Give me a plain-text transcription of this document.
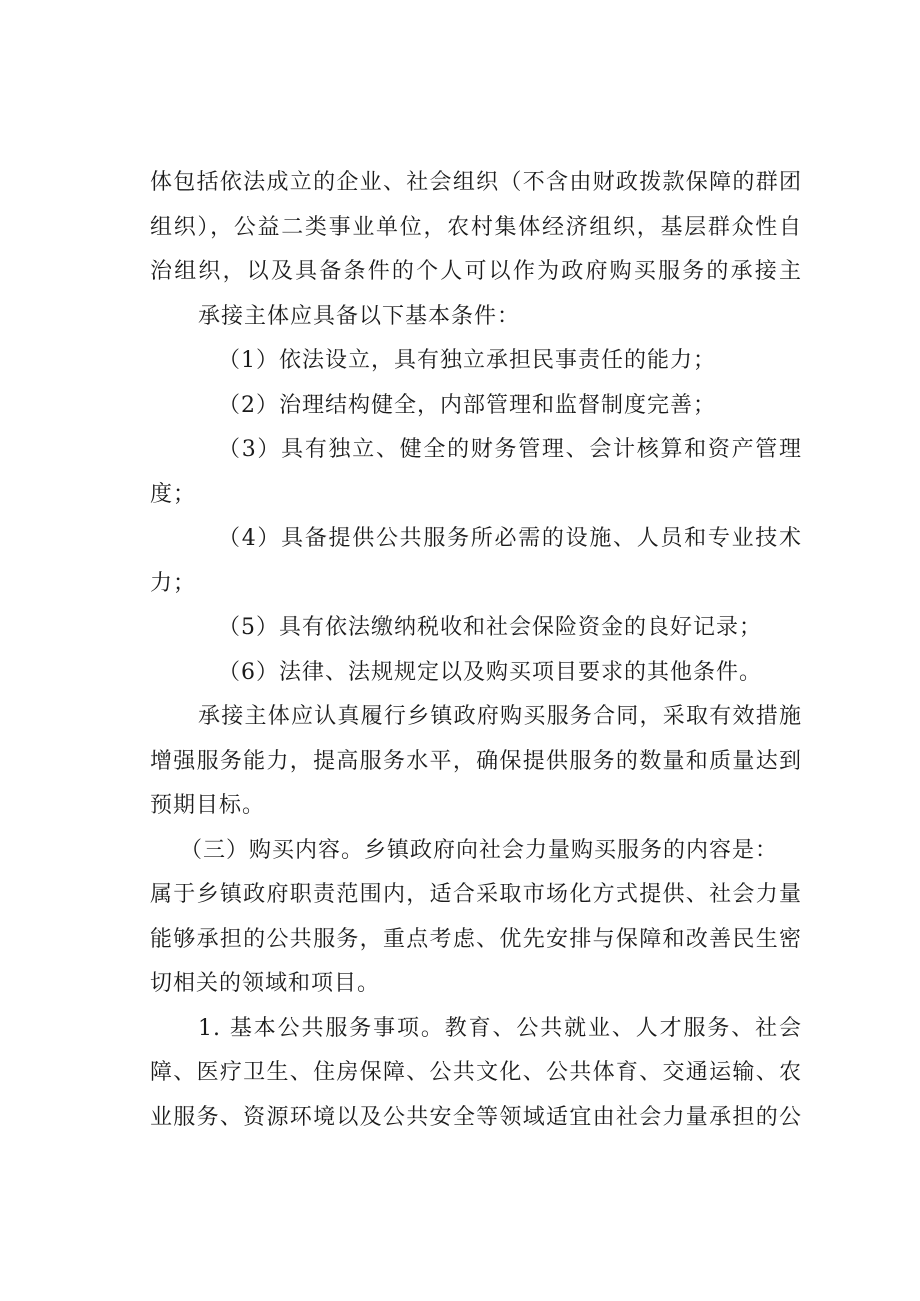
体包括依法成立的企业、社会组织（不含由财政拨款保障的群团
组织），公益二类事业单位，农村集体经济组织，基层群众性自
治组织，以及具备条件的个人可以作为政府购买服务的承接主
承接主体应具备以下基本条件：
（1）依法设立，具有独立承担民事责任的能力；
（2）治理结构健全，内部管理和监督制度完善；
（3）具有独立、健全的财务管理、会计核算和资产管理
度；
（4）具备提供公共服务所必需的设施、人员和专业技术
力；
（5）具有依法缴纳税收和社会保险资金的良好记录；
（6）法律、法规规定以及购买项目要求的其他条件。
承接主体应认真履行乡镇政府购买服务合同，采取有效措施
增强服务能力，提高服务水平，确保提供服务的数量和质量达到
预期目标。
（三）购买内容。乡镇政府向社会力量购买服务的内容是：
属于乡镇政府职责范围内，适合采取市场化方式提供、社会力量
能够承担的公共服务，重点考虑、优先安排与保障和改善民生密
切相关的领域和项目。
1. 基本公共服务事项。教育、公共就业、人才服务、社会
障、医疗卫生、住房保障、公共文化、公共体育、交通运输、农
业服务、资源环境以及公共安全等领域适宜由社会力量承担的公
